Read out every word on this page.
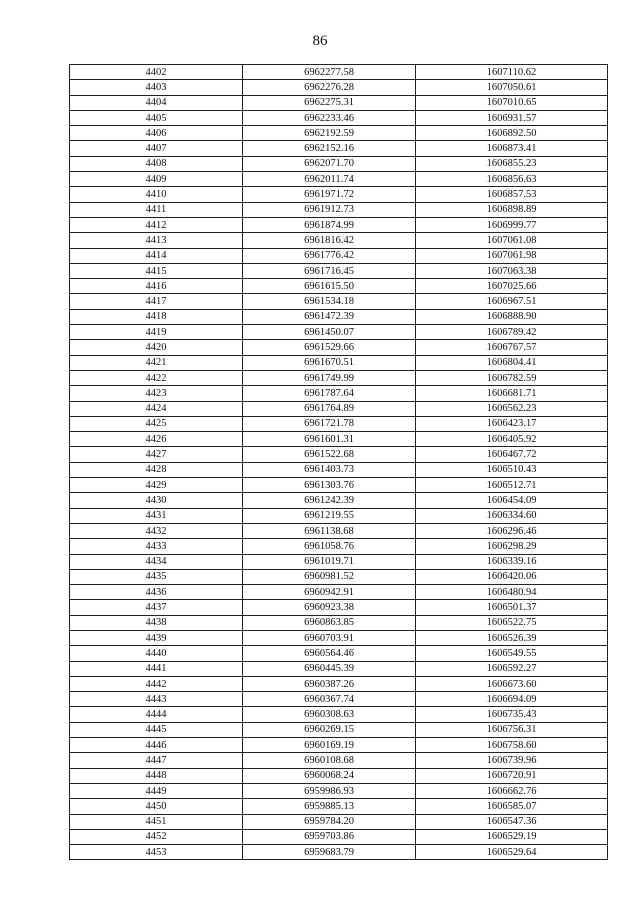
86
4402	6962277.58	1607110.62
4403	6962276.28	1607050.61
4404	6962275.31	1607010.65
4405	6962233.46	1606931.57
4406	6962192.59	1606892.50
4407	6962152.16	1606873.41
4408	6962071.70	1606855.23
4409	6962011.74	1606856.63
4410	6961971.72	1606857.53
4411	6961912.73	1606898.89
4412	6961874.99	1606999.77
4413	6961816.42	1607061.08
4414	6961776.42	1607061.98
4415	6961716.45	1607063.38
4416	6961615.50	1607025.66
4417	6961534.18	1606967.51
4418	6961472.39	1606888.90
4419	6961450.07	1606789.42
4420	6961529.66	1606767.57
4421	6961670.51	1606804.41
4422	6961749.99	1606782.59
4423	6961787.64	1606681.71
4424	6961764.89	1606562.23
4425	6961721.78	1606423.17
4426	6961601.31	1606405.92
4427	6961522.68	1606467.72
4428	6961403.73	1606510.43
4429	6961303.76	1606512.71
4430	6961242.39	1606454.09
4431	6961219.55	1606334.60
4432	6961138.68	1606296.46
4433	6961058.76	1606298.29
4434	6961019.71	1606339.16
4435	6960981.52	1606420.06
4436	6960942.91	1606480.94
4437	6960923.38	1606501.37
4438	6960863.85	1606522.75
4439	6960703.91	1606526.39
4440	6960564.46	1606549.55
4441	6960445.39	1606592.27
4442	6960387.26	1606673.60
4443	6960367.74	1606694.09
4444	6960308.63	1606735.43
4445	6960269.15	1606756.31
4446	6960169.19	1606758.60
4447	6960108.68	1606739.96
4448	6960068.24	1606720.91
4449	6959986.93	1606662.76
4450	6959885.13	1606585.07
4451	6959784.20	1606547.36
4452	6959703.86	1606529.19
4453	6959683.79	1606529.64
